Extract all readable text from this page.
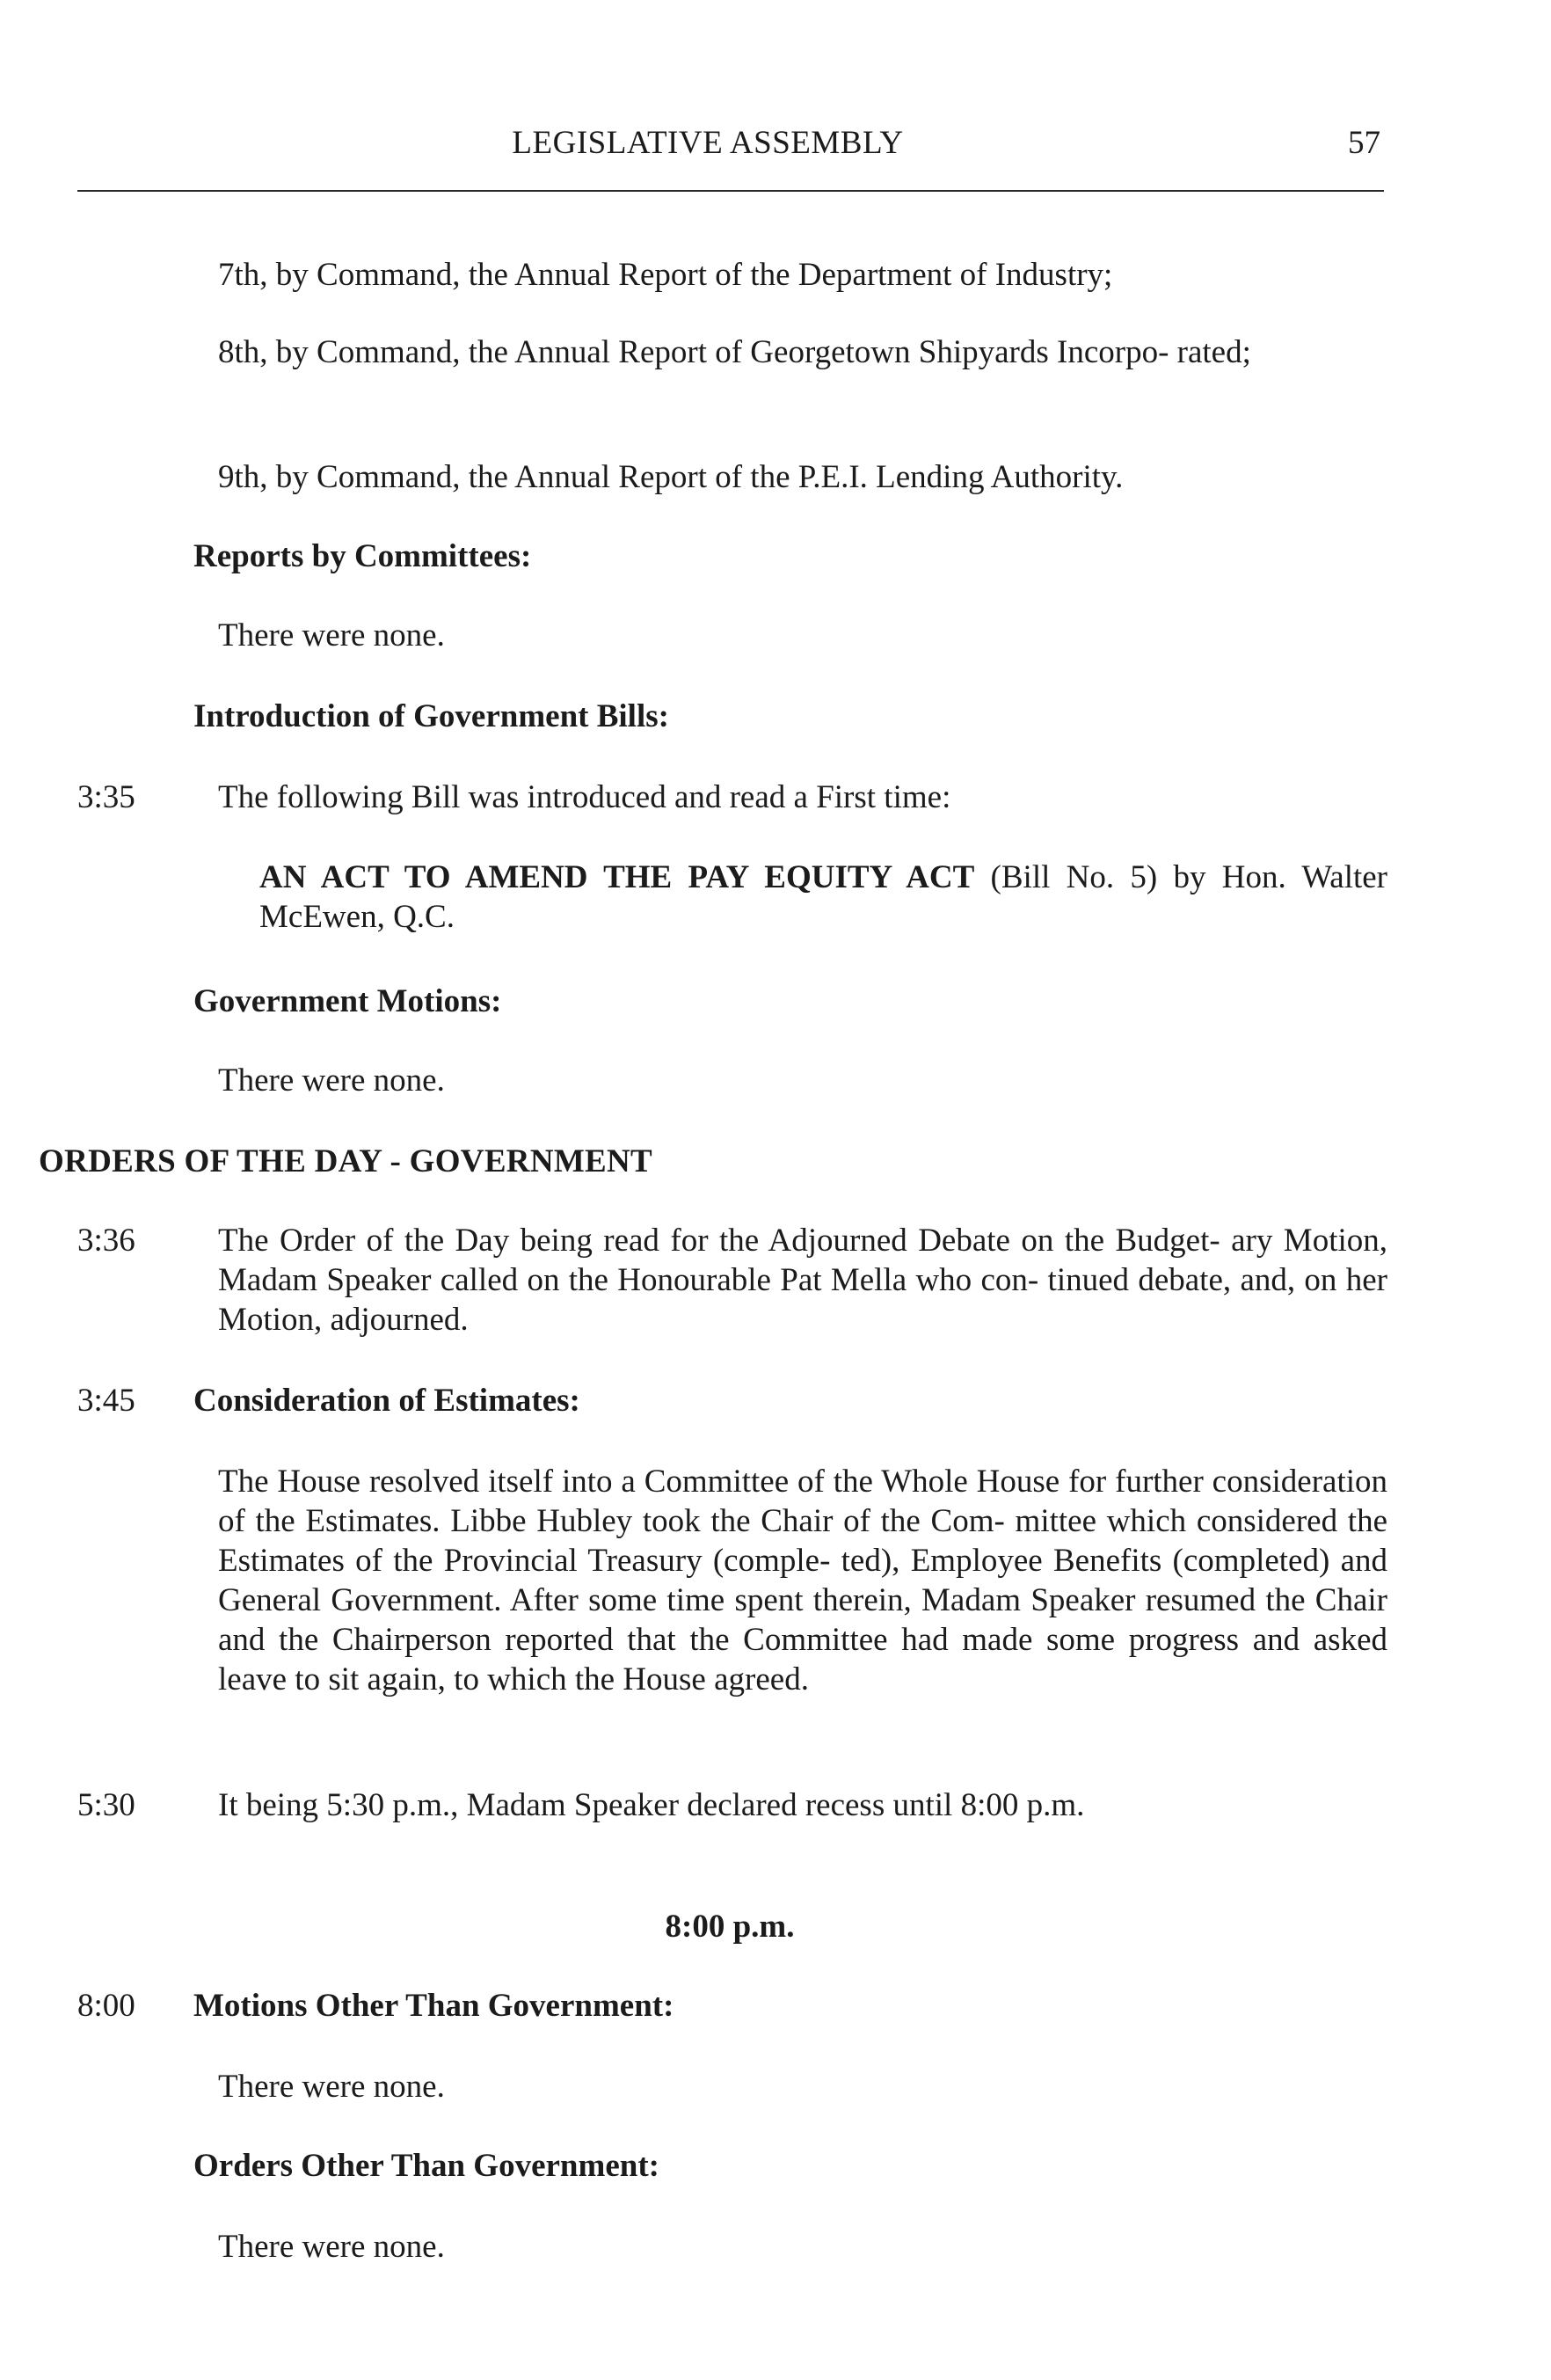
LEGISLATIVE ASSEMBLY	57

7th, by Command, the Annual Report of the Department of Industry;

8th, by Command, the Annual Report of Georgetown Shipyards Incorpo- rated;

9th, by Command, the Annual Report of the P.E.I. Lending Authority.

Reports by Committees:

There were none.

Introduction of Government Bills:

3:35	The following Bill was introduced and read a First time:

AN ACT TO AMEND THE PAY EQUITY ACT (Bill No. 5) by Hon. Walter McEwen, Q.C.

Government Motions:

There were none.

ORDERS OF THE DAY - GOVERNMENT

3:36	The Order of the Day being read for the Adjourned Debate on the Budget- ary Motion, Madam Speaker called on the Honourable Pat Mella who con- tinued debate, and, on her Motion, adjourned.

3:45	Consideration of Estimates:

The House resolved itself into a Committee of the Whole House for further consideration of the Estimates. Libbe Hubley took the Chair of the Com- mittee which considered the Estimates of the Provincial Treasury (comple- ted), Employee Benefits (completed) and General Government. After some time spent therein, Madam Speaker resumed the Chair and the Chairperson reported that the Committee had made some progress and asked leave to sit again, to which the House agreed.

5:30	It being 5:30 p.m., Madam Speaker declared recess until 8:00 p.m.

8:00 p.m.

8:00	Motions Other Than Government:

There were none.

Orders Other Than Government:

There were none.
